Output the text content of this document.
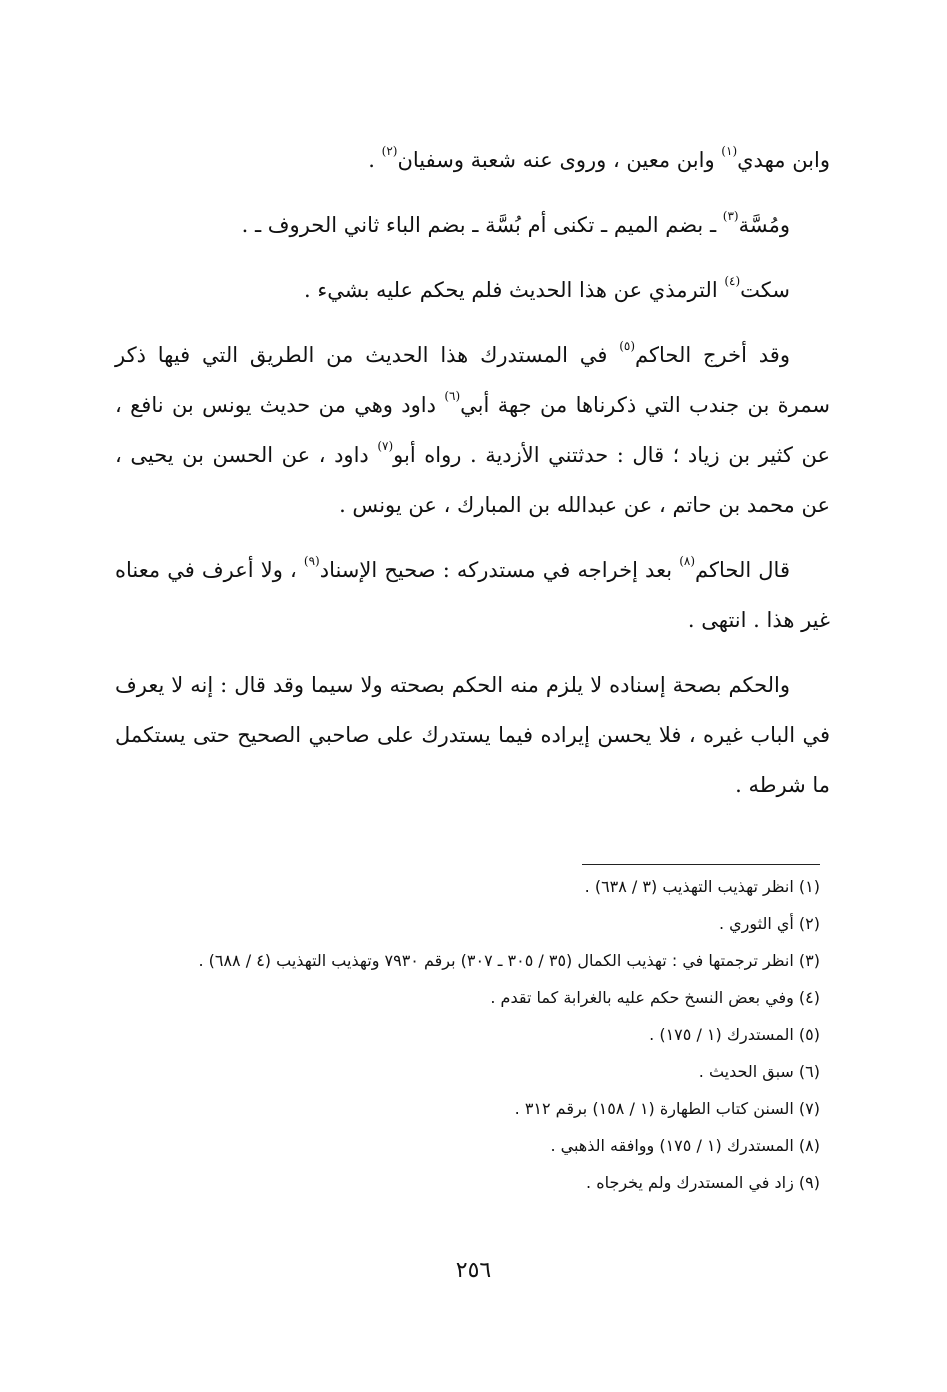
وابن مهدي$^{(١)}$ وابن معين ، وروى عنه شعبة وسفيان$^{(٢)}$ .

ومُسَّة$^{(٣)}$ ـ بضم الميم ـ تكنى أم بُسَّة ـ بضم الباء ثاني الحروف ـ .

سكت$^{(٤)}$ الترمذي عن هذا الحديث فلم يحكم عليه بشيء .

وقد أخرج الحاكم$^{(٥)}$ في المستدرك هذا الحديث من الطريق التي فيها ذكر سمرة بن جندب التي ذكرناها من جهة أبي$^{(٦)}$ داود وهي من حديث يونس بن نافع ، عن كثير بن زياد ؛ قال : حدثتني الأزدية . رواه أبو$^{(٧)}$ داود ، عن الحسن بن يحيى ، عن محمد بن حاتم ، عن عبدالله بن المبارك ، عن يونس .

قال الحاكم$^{(٨)}$ بعد إخراجه في مستدركه : صحيح الإسناد$^{(٩)}$ ، ولا أعرف في معناه غير هذا . انتهى .

والحكم بصحة إسناده لا يلزم منه الحكم بصحته ولا سيما وقد قال : إنه لا يعرف في الباب غيره ، فلا يحسن إيراده فيما يستدرك على صاحبي الصحيح حتى يستكمل ما شرطه .

(١) انظر تهذيب التهذيب (٣ / ٦٣٨) .

(٢) أي الثوري .

(٣) انظر ترجمتها في : تهذيب الكمال (٣٥ / ٣٠٥ ـ ٣٠٧) برقم ٧٩٣٠ وتهذيب التهذيب (٤ / ٦٨٨) .

(٤) وفي بعض النسخ حكم عليه بالغرابة كما تقدم .

(٥) المستدرك (١ / ١٧٥) .

(٦) سبق الحديث .

(٧) السنن كتاب الطهارة (١ / ١٥٨) برقم ٣١٢ .

(٨) المستدرك (١ / ١٧٥) ووافقه الذهبي .

(٩) زاد في المستدرك ولم يخرجاه .

٢٥٦
